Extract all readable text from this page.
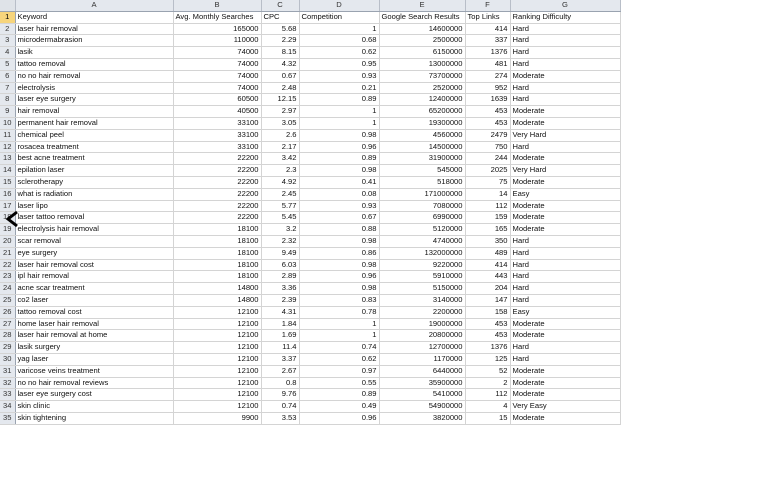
	A	B	C	D	E	F	G
1	Keyword	Avg. Monthly Searches	CPC	Competition	Google Search Results	Top Links	Ranking Difficulty
2	laser hair removal	165000	5.68	1	14600000	414	Hard
3	microdermabrasion	110000	2.29	0.68	2500000	337	Hard
4	lasik	74000	8.15	0.62	6150000	1376	Hard
5	tattoo removal	74000	4.32	0.95	13000000	481	Hard
6	no no hair removal	74000	0.67	0.93	73700000	274	Moderate
7	electrolysis	74000	2.48	0.21	2520000	952	Hard
8	laser eye surgery	60500	12.15	0.89	12400000	1639	Hard
9	hair removal	40500	2.97	1	65200000	453	Moderate
10	permanent hair removal	33100	3.05	1	19300000	453	Moderate
11	chemical peel	33100	2.6	0.98	4560000	2479	Very Hard
12	rosacea treatment	33100	2.17	0.96	14500000	750	Hard
13	best acne treatment	22200	3.42	0.89	31900000	244	Moderate
14	epilation laser	22200	2.3	0.98	545000	2025	Very Hard
15	sclerotherapy	22200	4.92	0.41	518000	75	Moderate
16	what is radiation	22200	2.45	0.08	171000000	14	Easy
17	laser lipo	22200	5.77	0.93	7080000	112	Moderate
18	laser tattoo removal	22200	5.45	0.67	6990000	159	Moderate
19	electrolysis hair removal	18100	3.2	0.88	5120000	165	Moderate
20	scar removal	18100	2.32	0.98	4740000	350	Hard
21	eye surgery	18100	9.49	0.86	132000000	489	Hard
22	laser hair removal cost	18100	6.03	0.98	9220000	414	Hard
23	ipl hair removal	18100	2.89	0.96	5910000	443	Hard
24	acne scar treatment	14800	3.36	0.98	5150000	204	Hard
25	co2 laser	14800	2.39	0.83	3140000	147	Hard
26	tattoo removal cost	12100	4.31	0.78	2200000	158	Easy
27	home laser hair removal	12100	1.84	1	19000000	453	Moderate
28	laser hair removal at home	12100	1.69	1	20800000	453	Moderate
29	lasik surgery	12100	11.4	0.74	12700000	1376	Hard
30	yag laser	12100	3.37	0.62	1170000	125	Hard
31	varicose veins treatment	12100	2.67	0.97	6440000	52	Moderate
32	no no hair removal reviews	12100	0.8	0.55	35900000	2	Moderate
33	laser eye surgery cost	12100	9.76	0.89	5410000	112	Moderate
34	skin clinic	12100	0.74	0.49	54900000	4	Very Easy
35	skin tightening	9900	3.53	0.96	3820000	15	Moderate
